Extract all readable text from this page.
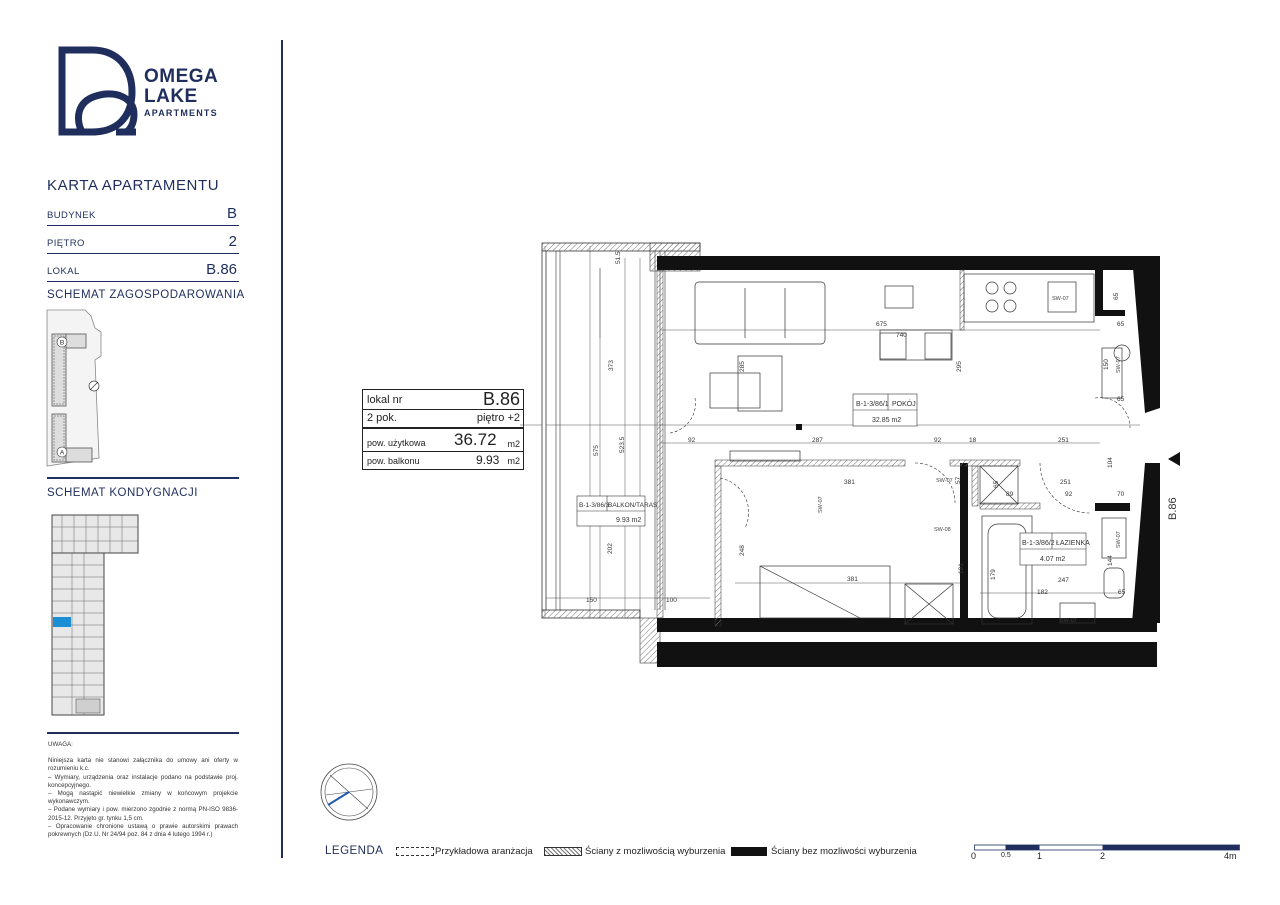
OMEGA
LAKE
APARTMENTS
KARTA APARTAMENTU
BUDYNEK	B
PIĘTRO	2
LOKAL	B.86
SCHEMAT ZAGOSPODAROWANIA
B
A
SCHEMAT KONDYGNACJI

UWAGA:

Niniejsza karta nie stanowi załącznika do umowy ani oferty w rozumieniu k.c.

– Wymiary, urządzenia oraz instalacje podano na podstawie proj. koncepcyjnego.

– Mogą nastąpić niewielkie zmiany w końcowym projekcie wykonawczym.

– Podane wymiary i pow. mierzono zgodnie z normą PN-ISO 9836-2015-12. Przyjęto gr. tynku 1,5 cm.

– Opracowanie chronione ustawą o prawie autorskimi prawach pokrewnych (Dz.U. Nr 24/94 poz. 84 z dnia 4 lutego 1994 r.)

lokal nr	B.86
2 pok.	piętro +2
pow. użytkowa 36.72 m2
pow. balkonu	9.93 m2
B-1-3/86/1 POKÓJ
32.85 m2
B-1-3/86/2 ŁAZIENKA
4.07 m2
B-1-3/86/3
BALKON/TARAS
9.93 m2
B.86
51.5
373
575	523.5
202
150	100
675
740
285	295
92	287	92	18	251
381
104
57
65
89
251
92	70
248
191
179
381	247
182
144
65
65
150
65
65
SW-07
SW-07
SW-07
SW-08
SW-07
SW-07
SW-07
LEGENDA	Przykładowa aranżacja	Ściany z mozliwością wyburzenia	Ściany bez mozliwości wyburzenia	0	0.5	1	2	4m
